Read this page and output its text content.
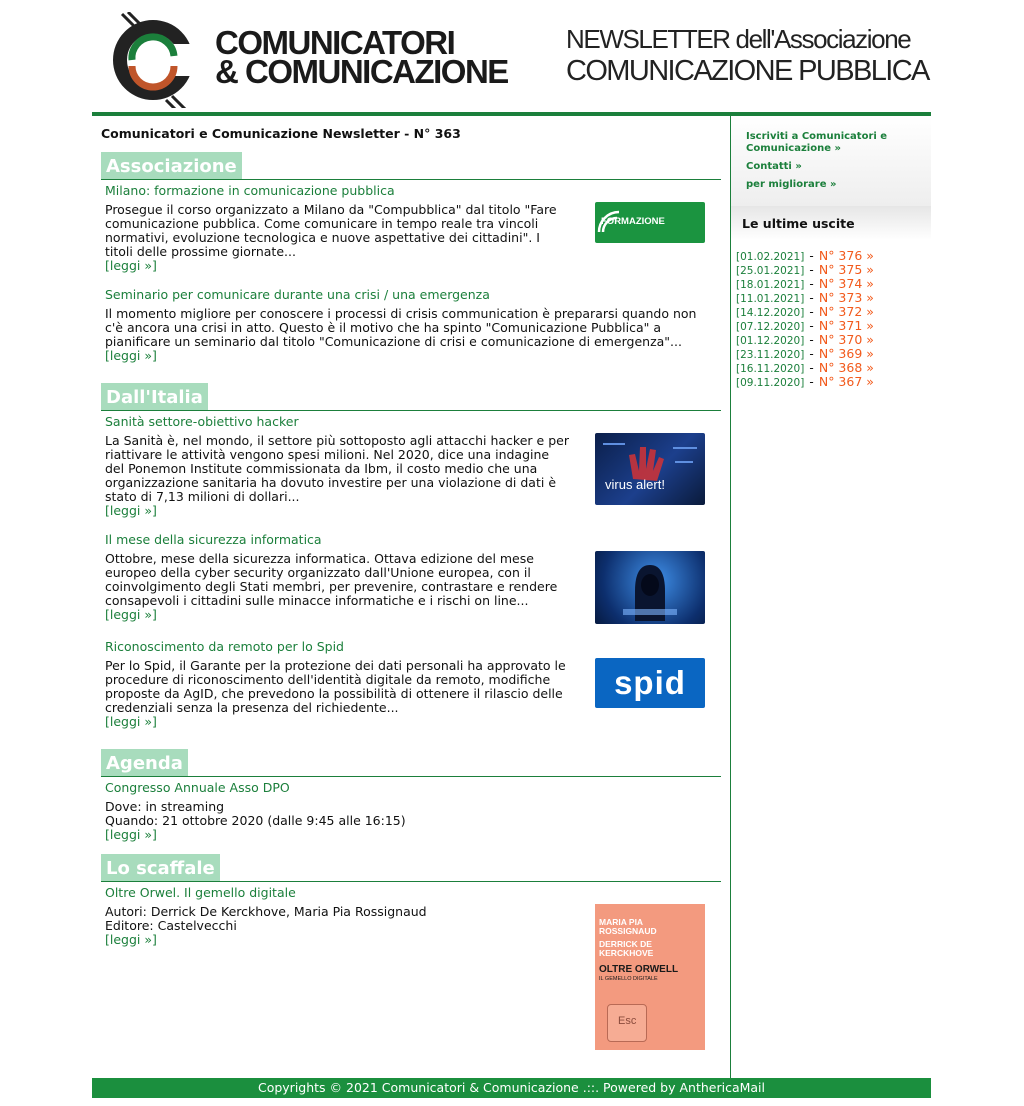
COMUNICATORI
& COMUNICAZIONE
NEWSLETTER dell'Associazione
COMUNICAZIONE PUBBLICA
Comunicatori e Comunicazione Newsletter - N° 363
Associazione
Milano: formazione in comunicazione pubblica
Prosegue il corso organizzato a Milano da "Compubblica" dal titolo "Fare comunicazione pubblica. Come comunicare in tempo reale tra vincoli normativi, evoluzione tecnologica e nuove aspettative dei cittadini". I titoli delle prossime giornate...
[leggi »]
FORMAZIONE
Seminario per comunicare durante una crisi / una emergenza
Il momento migliore per conoscere i processi di crisis communication è prepararsi quando non c'è ancora una crisi in atto. Questo è il motivo che ha spinto "Comunicazione Pubblica" a pianificare un seminario dal titolo "Comunicazione di crisi e comunicazione di emergenza"...
[leggi »]
Dall'Italia
Sanità settore-obiettivo hacker
La Sanità è, nel mondo, il settore più sottoposto agli attacchi hacker e per riattivare le attività vengono spesi milioni. Nel 2020, dice una indagine del Ponemon Institute commissionata da Ibm, il costo medio che una organizzazione sanitaria ha dovuto investire per una violazione di dati è stato di 7,13 milioni di dollari...
[leggi »]
virus alert!
Il mese della sicurezza informatica
Ottobre, mese della sicurezza informatica. Ottava edizione del mese europeo della cyber security organizzato dall'Unione europea, con il coinvolgimento degli Stati membri, per prevenire, contrastare e rendere consapevoli i cittadini sulle minacce informatiche e i rischi on line...
[leggi »]
Riconoscimento da remoto per lo Spid
Per lo Spid, il Garante per la protezione dei dati personali ha approvato le procedure di riconoscimento dell'identità digitale da remoto, modifiche proposte da AgID, che prevedono la possibilità di ottenere il rilascio delle credenziali senza la presenza del richiedente...
[leggi »]
spid
Agenda
Congresso Annuale Asso DPO
Dove: in streaming
Quando: 21 ottobre 2020 (dalle 9:45 alle 16:15)
[leggi »]
Lo scaffale
Oltre Orwel. Il gemello digitale
Autori: Derrick De Kerckhove, Maria Pia Rossignaud
Editore: Castelvecchi
[leggi »]
MARIA PIA ROSSIGNAUD
DERRICK DE KERCKHOVE
OLTRE ORWELL
IL GEMELLO DIGITALE
Esc
Iscriviti a Comunicatori e Comunicazione »
Contatti »
per migliorare »
Le ultime uscite
[01.02.2021] - N° 376 »
[25.01.2021] - N° 375 »
[18.01.2021] - N° 374 »
[11.01.2021] - N° 373 »
[14.12.2020] - N° 372 »
[07.12.2020] - N° 371 »
[01.12.2020] - N° 370 »
[23.11.2020] - N° 369 »
[16.11.2020] - N° 368 »
[09.11.2020] - N° 367 »
Copyrights © 2021 Comunicatori & Comunicazione .::. Powered by AnthericaMail
